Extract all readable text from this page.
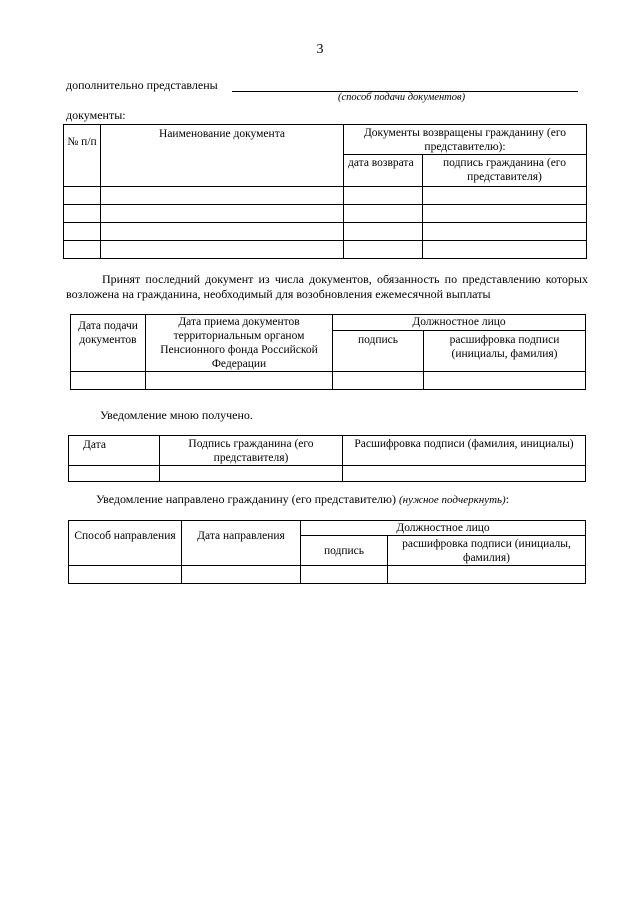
3
дополнительно представлены
(способ подачи документов)
документы:
№ п/п	Наименование документа	Документы возвращены гражданину (его представителю):	
		дата возврата	подпись гражданина (его представителя)

Принят последний документ из числа документов, обязанность по представлению которых возложена на гражданина, необходимый для возобновления ежемесячной выплаты
Дата подачи документов	Дата приема документов территориальным органом Пенсионного фонда Российской Федерации	Должностное лицо	
		подпись	расшифровка подписи (инициалы, фамилия)

Уведомление мною получено.
Дата	Подпись гражданина (его представителя)	Расшифровка подписи (фамилия, инициалы)

Уведомление направлено гражданину (его представителю) (нужное подчеркнуть):
Способ направления	Дата направления	Должностное лицо	
		подпись	расшифровка подписи (инициалы, фамилия)
